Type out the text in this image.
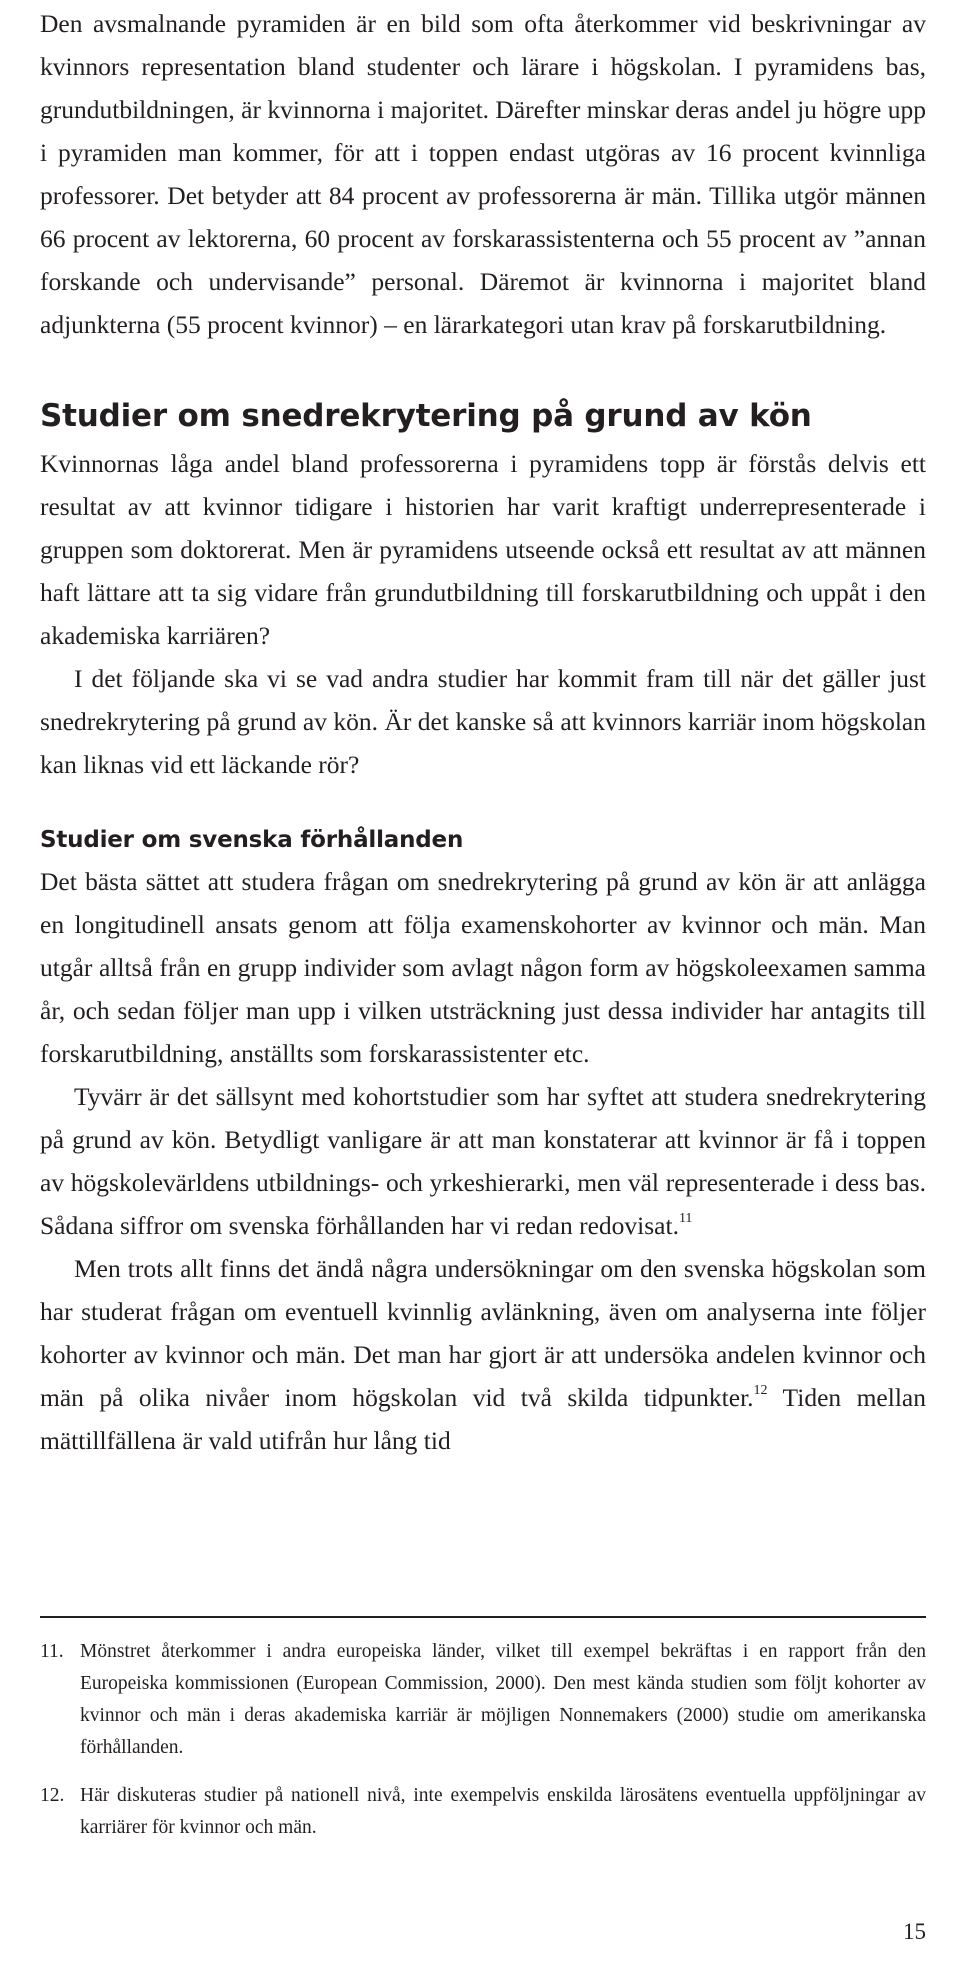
Den avsmalnande pyramiden är en bild som ofta återkommer vid beskrivningar av kvinnors representation bland studenter och lärare i högskolan. I pyramidens bas, grundutbildningen, är kvinnorna i majoritet. Därefter minskar deras andel ju högre upp i pyramiden man kommer, för att i toppen endast utgöras av 16 procent kvinnliga professorer. Det betyder att 84 procent av professorerna är män. Tillika utgör männen 66 procent av lektorerna, 60 procent av forskarassistenterna och 55 procent av ”annan forskande och undervisande” personal. Däremot är kvinnorna i majoritet bland adjunkterna (55 procent kvinnor) – en lärarkategori utan krav på forskarutbildning.

Studier om snedrekrytering på grund av kön

Kvinnornas låga andel bland professorerna i pyramidens topp är förstås delvis ett resultat av att kvinnor tidigare i historien har varit kraftigt underrepresenterade i gruppen som doktorerat. Men är pyramidens utseende också ett resultat av att männen haft lättare att ta sig vidare från grundutbildning till forskarutbildning och uppåt i den akademiska karriären?

I det följande ska vi se vad andra studier har kommit fram till när det gäller just snedrekrytering på grund av kön. Är det kanske så att kvinnors karriär inom högskolan kan liknas vid ett läckande rör?

Studier om svenska förhållanden

Det bästa sättet att studera frågan om snedrekrytering på grund av kön är att anlägga en longitudinell ansats genom att följa examenskohorter av kvinnor och män. Man utgår alltså från en grupp individer som avlagt någon form av högskoleexamen samma år, och sedan följer man upp i vilken utsträckning just dessa individer har antagits till forskarutbildning, anställts som forskarassistenter etc.

Tyvärr är det sällsynt med kohortstudier som har syftet att studera snedrekrytering på grund av kön. Betydligt vanligare är att man konstaterar att kvinnor är få i toppen av högskolevärldens utbildnings- och yrkeshierarki, men väl representerade i dess bas. Sådana siffror om svenska förhållanden har vi redan redovisat.$^{11}$

Men trots allt finns det ändå några undersökningar om den svenska högskolan som har studerat frågan om eventuell kvinnlig avlänkning, även om analyserna inte följer kohorter av kvinnor och män. Det man har gjort är att undersöka andelen kvinnor och män på olika nivåer inom högskolan vid två skilda tidpunkter.$^{12}$ Tiden mellan mättillfällena är vald utifrån hur lång tid

11. Mönstret återkommer i andra europeiska länder, vilket till exempel bekräftas i en rapport från den Europeiska kommissionen (European Commission, 2000). Den mest kända studien som följt kohorter av kvinnor och män i deras akademiska karriär är möjligen Nonnemakers (2000) studie om amerikanska förhållanden.
12. Här diskuteras studier på nationell nivå, inte exempelvis enskilda lärosätens eventuella uppföljningar av karriärer för kvinnor och män.
15
